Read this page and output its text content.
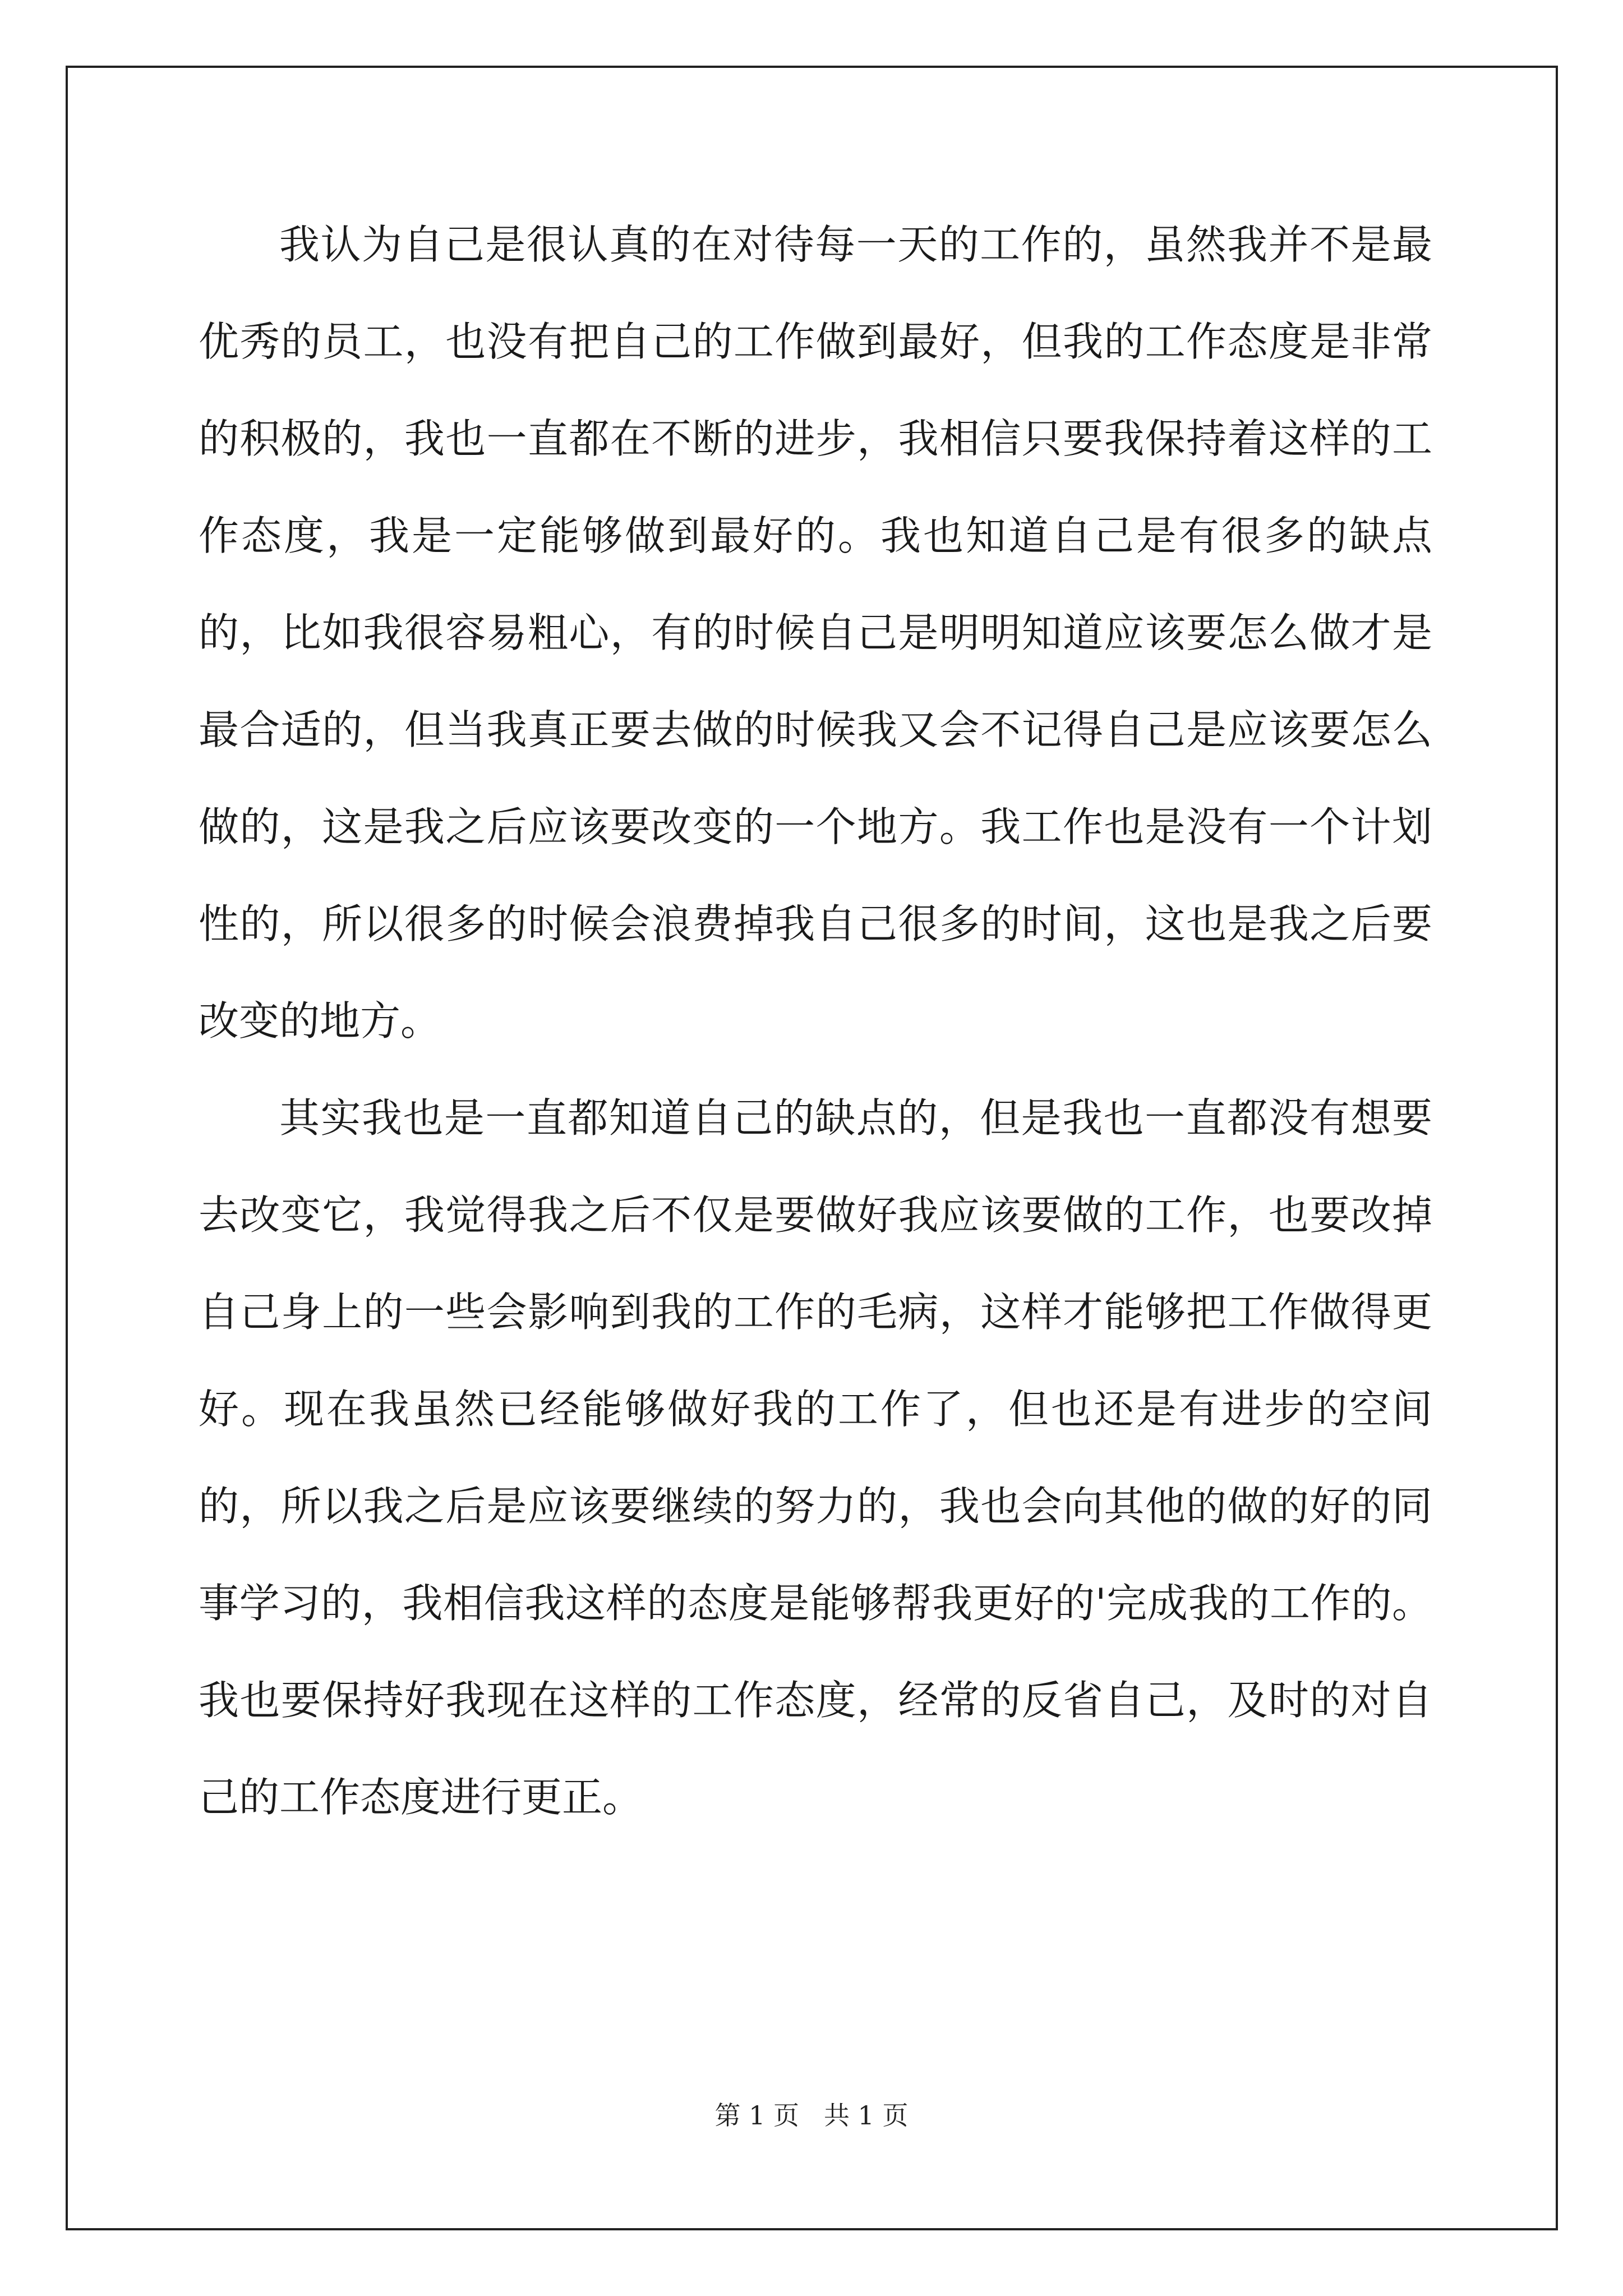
我认为自己是很认真的在对待每一天的工作的，虽然我并不是最优秀的员工，也没有把自己的工作做到最好，但我的工作态度是非常的积极的，我也一直都在不断的进步，我相信只要我保持着这样的工作态度，我是一定能够做到最好的。我也知道自己是有很多的缺点的，比如我很容易粗心，有的时候自己是明明知道应该要怎么做才是最合适的，但当我真正要去做的时候我又会不记得自己是应该要怎么做的，这是我之后应该要改变的一个地方。我工作也是没有一个计划性的，所以很多的时候会浪费掉我自己很多的时间，这也是我之后要改变的地方。

其实我也是一直都知道自己的缺点的，但是我也一直都没有想要去改变它，我觉得我之后不仅是要做好我应该要做的工作，也要改掉自己身上的一些会影响到我的工作的毛病，这样才能够把工作做得更好。现在我虽然已经能够做好我的工作了，但也还是有进步的空间的，所以我之后是应该要继续的努力的，我也会向其他的做的好的同事学习的，我相信我这样的态度是能够帮我更好的'完成我的工作的。我也要保持好我现在这样的工作态度，经常的反省自己，及时的对自己的工作态度进行更正。

第 1 页 共 1 页
